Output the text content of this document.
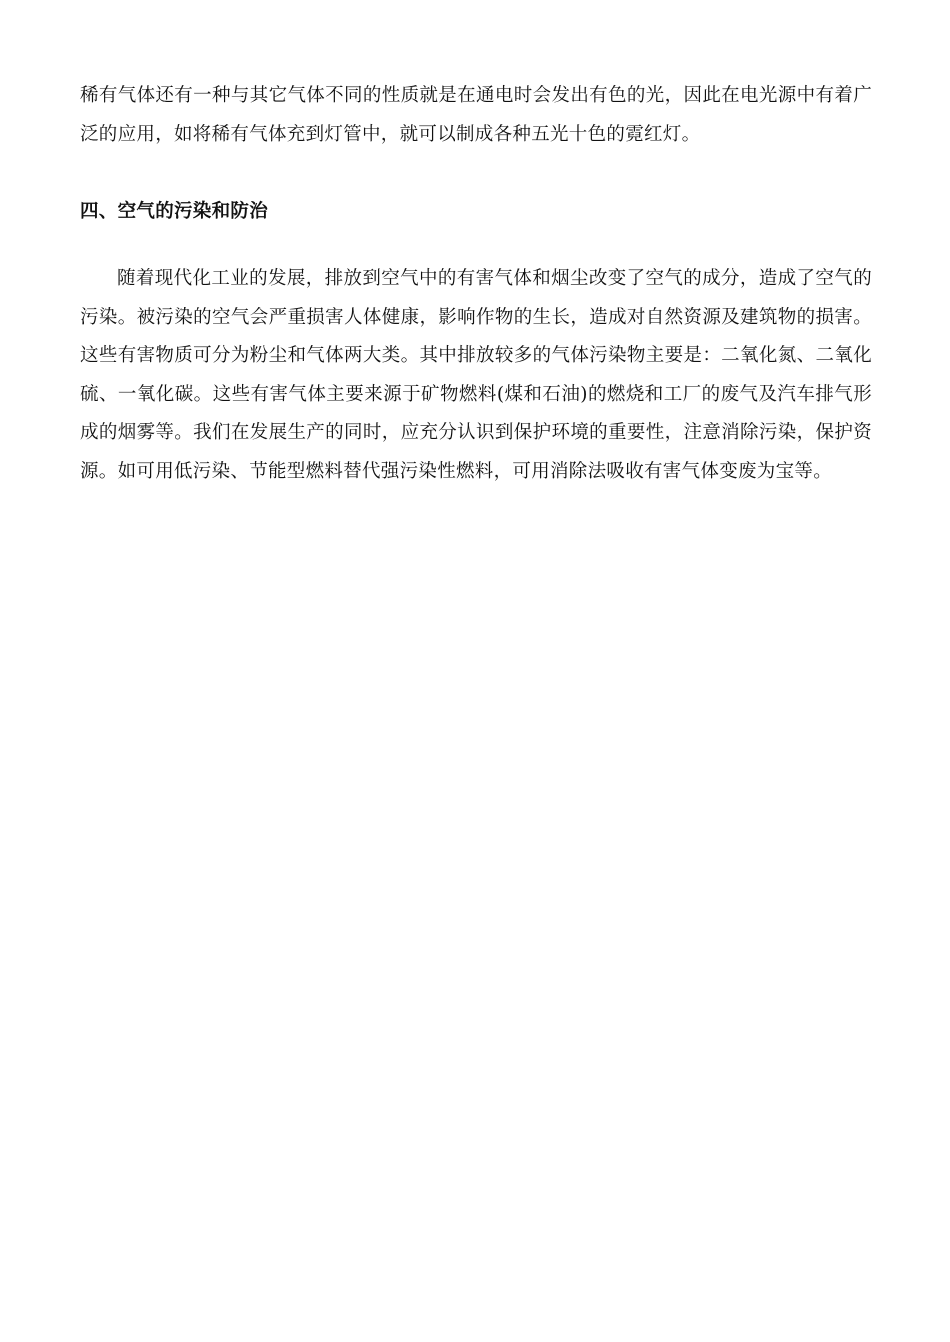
稀有气体还有一种与其它气体不同的性质就是在通电时会发出有色的光，因此在电光源中有着广泛的应用，如将稀有气体充到灯管中，就可以制成各种五光十色的霓红灯。

四、空气的污染和防治

随着现代化工业的发展，排放到空气中的有害气体和烟尘改变了空气的成分，造成了空气的污染。被污染的空气会严重损害人体健康，影响作物的生长，造成对自然资源及建筑物的损害。这些有害物质可分为粉尘和气体两大类。其中排放较多的气体污染物主要是：二氧化氮、二氧化硫、一氧化碳。这些有害气体主要来源于矿物燃料(煤和石油)的燃烧和工厂的废气及汽车排气形成的烟雾等。我们在发展生产的同时，应充分认识到保护环境的重要性，注意消除污染，保护资源。如可用低污染、节能型燃料替代强污染性燃料，可用消除法吸收有害气体变废为宝等。
